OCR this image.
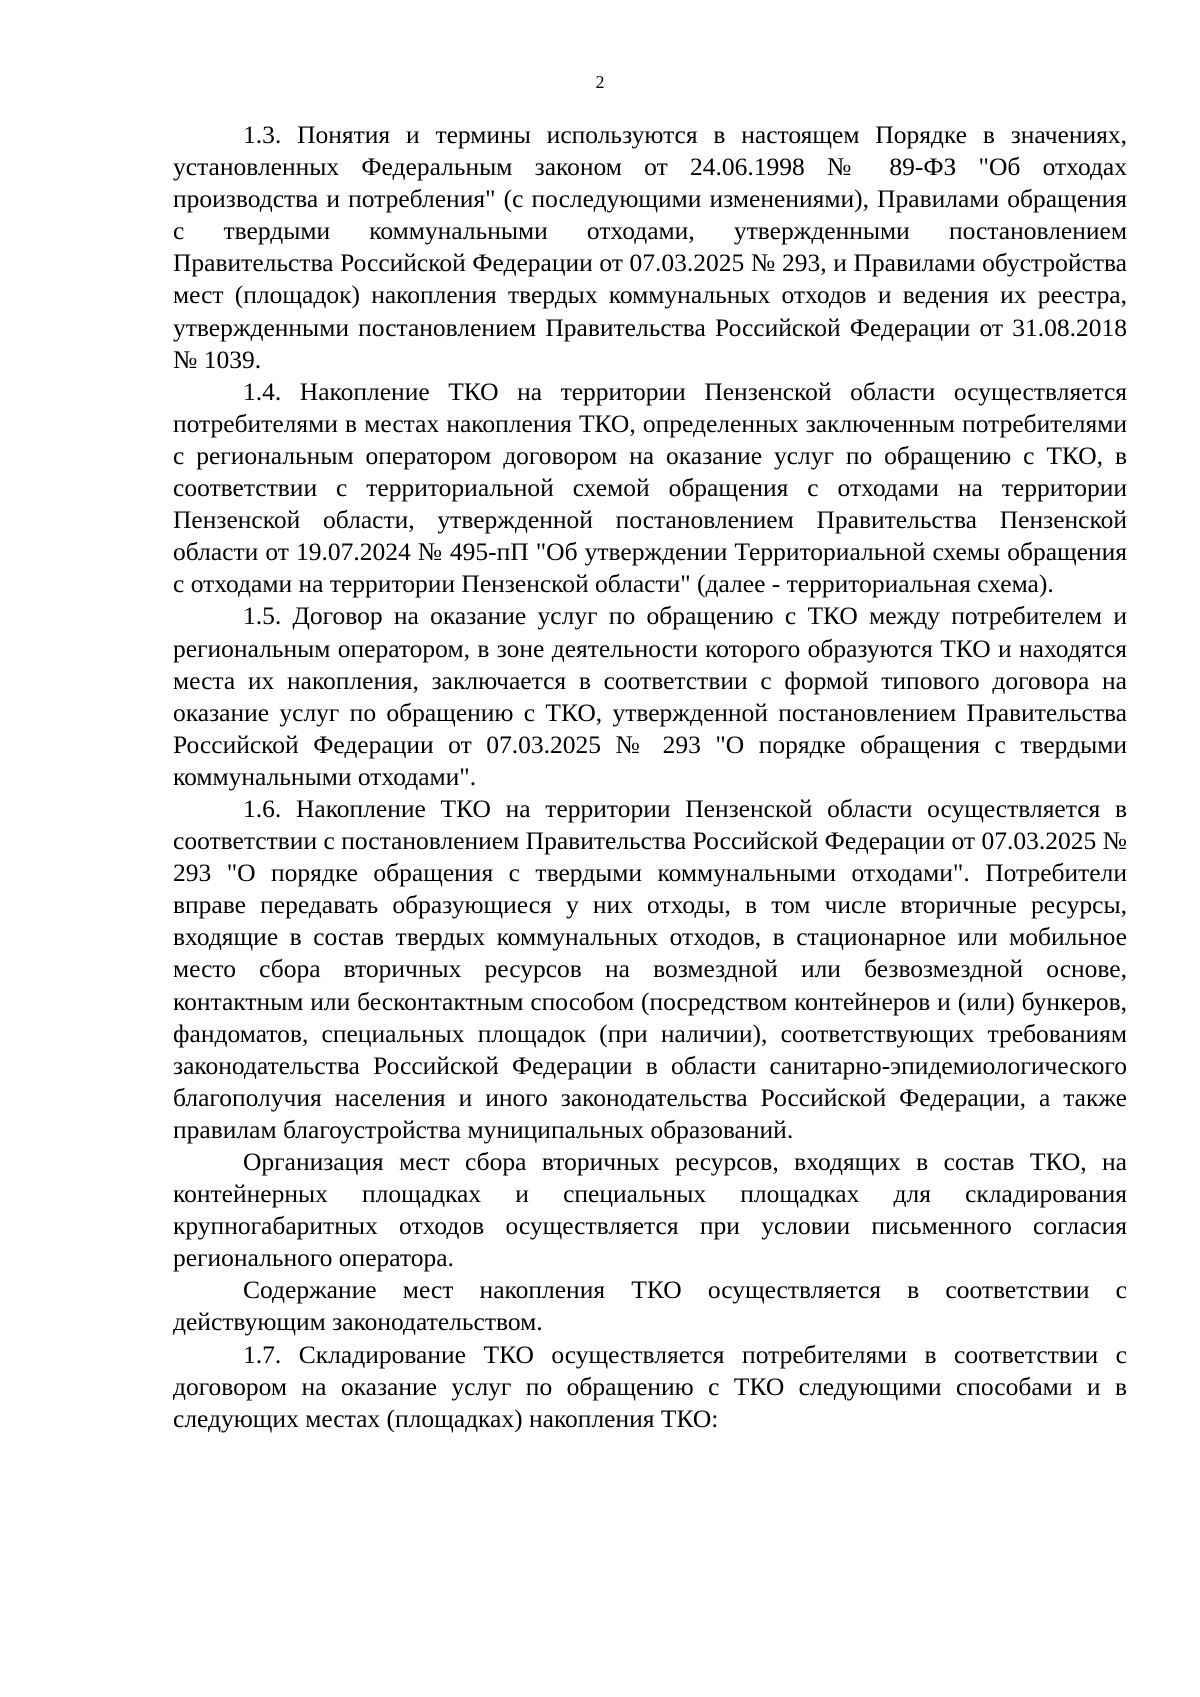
2

1.3. Понятия и термины используются в настоящем Порядке в значениях, установленных Федеральным законом от 24.06.1998 № 89-ФЗ "Об отходах производства и потребления" (с последующими изменениями), Правилами обращения с твердыми коммунальными отходами, утвержденными постановлением Правительства Российской Федерации от 07.03.2025 № 293, и Правилами обустройства мест (площадок) накопления твердых коммунальных отходов и ведения их реестра, утвержденными постановлением Правительства Российской Федерации от 31.08.2018 № 1039.

1.4. Накопление ТКО на территории Пензенской области осуществляется потребителями в местах накопления ТКО, определенных заключенным потребителями с региональным оператором договором на оказание услуг по обращению с ТКО, в соответствии с территориальной схемой обращения с отходами на территории Пензенской области, утвержденной постановлением Правительства Пензенской области от 19.07.2024 № 495-пП "Об утверждении Территориальной схемы обращения с отходами на территории Пензенской области" (далее - территориальная схема).

1.5. Договор на оказание услуг по обращению с ТКО между потребителем и региональным оператором, в зоне деятельности которого образуются ТКО и находятся места их накопления, заключается в соответствии с формой типового договора на оказание услуг по обращению с ТКО, утвержденной постановлением Правительства Российской Федерации от 07.03.2025 № 293 "О порядке обращения с твердыми коммунальными отходами".

1.6. Накопление ТКО на территории Пензенской области осуществляется в соответствии с постановлением Правительства Российской Федерации от 07.03.2025 № 293 "О порядке обращения с твердыми коммунальными отходами". Потребители вправе передавать образующиеся у них отходы, в том числе вторичные ресурсы, входящие в состав твердых коммунальных отходов, в стационарное или мобильное место сбора вторичных ресурсов на возмездной или безвозмездной основе, контактным или бесконтактным способом (посредством контейнеров и (или) бункеров, фандоматов, специальных площадок (при наличии), соответствующих требованиям законодательства Российской Федерации в области санитарно-эпидемиологического благополучия населения и иного законодательства Российской Федерации, а также правилам благоустройства муниципальных образований.

Организация мест сбора вторичных ресурсов, входящих в состав ТКО, на контейнерных площадках и специальных площадках для складирования крупногабаритных отходов осуществляется при условии письменного согласия регионального оператора.

Содержание мест накопления ТКО осуществляется в соответствии с действующим законодательством.

1.7. Складирование ТКО осуществляется потребителями в соответствии с договором на оказание услуг по обращению с ТКО следующими способами и в следующих местах (площадках) накопления ТКО:
